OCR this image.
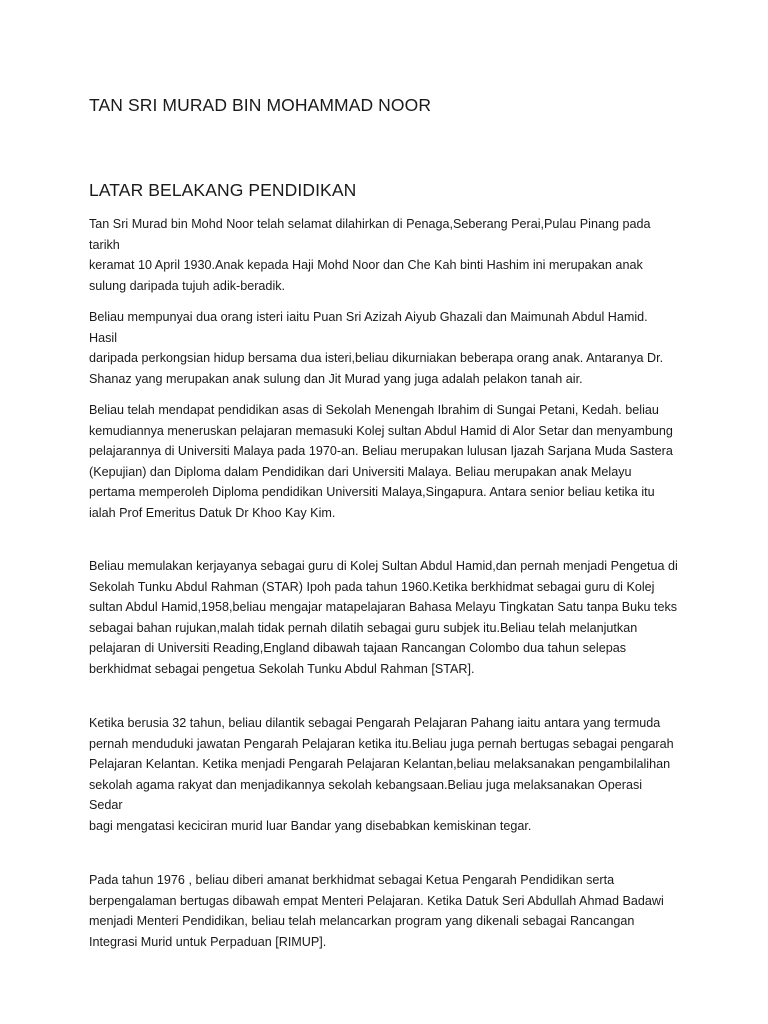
TAN SRI MURAD BIN MOHAMMAD NOOR
LATAR BELAKANG PENDIDIKAN

Tan Sri Murad bin Mohd Noor telah selamat dilahirkan di Penaga,Seberang Perai,Pulau Pinang pada tarikh
keramat 10 April 1930.Anak kepada Haji Mohd Noor dan Che Kah binti Hashim ini merupakan anak
sulung daripada tujuh adik-beradik.

Beliau mempunyai dua orang isteri iaitu Puan Sri Azizah Aiyub Ghazali dan Maimunah Abdul Hamid. Hasil
daripada perkongsian hidup bersama dua isteri,beliau dikurniakan beberapa orang anak. Antaranya Dr.
Shanaz yang merupakan anak sulung dan Jit Murad yang juga adalah pelakon tanah air.

Beliau telah mendapat pendidikan asas di Sekolah Menengah Ibrahim di Sungai Petani, Kedah. beliau
kemudiannya meneruskan pelajaran memasuki Kolej sultan Abdul Hamid di Alor Setar dan menyambung
pelajarannya di Universiti Malaya pada 1970-an. Beliau merupakan lulusan Ijazah Sarjana Muda Sastera
(Kepujian) dan Diploma dalam Pendidikan dari Universiti Malaya. Beliau merupakan anak Melayu
pertama memperoleh Diploma pendidikan Universiti Malaya,Singapura. Antara senior beliau ketika itu
ialah Prof Emeritus Datuk Dr Khoo Kay Kim.

Beliau memulakan kerjayanya sebagai guru di Kolej Sultan Abdul Hamid,dan pernah menjadi Pengetua di
Sekolah Tunku Abdul Rahman (STAR) Ipoh pada tahun 1960.Ketika berkhidmat sebagai guru di Kolej
sultan Abdul Hamid,1958,beliau mengajar matapelajaran Bahasa Melayu Tingkatan Satu tanpa Buku teks
sebagai bahan rujukan,malah tidak pernah dilatih sebagai guru subjek itu.Beliau telah melanjutkan
pelajaran di Universiti Reading,England dibawah tajaan Rancangan Colombo dua tahun selepas
berkhidmat sebagai pengetua Sekolah Tunku Abdul Rahman [STAR].

Ketika berusia 32 tahun, beliau dilantik sebagai Pengarah Pelajaran Pahang iaitu antara yang termuda
pernah menduduki jawatan Pengarah Pelajaran ketika itu.Beliau juga pernah bertugas sebagai pengarah
Pelajaran Kelantan. Ketika menjadi Pengarah Pelajaran Kelantan,beliau melaksanakan pengambilalihan
sekolah agama rakyat dan menjadikannya sekolah kebangsaan.Beliau juga melaksanakan Operasi Sedar
bagi mengatasi keciciran murid luar Bandar yang disebabkan kemiskinan tegar.

Pada tahun 1976 , beliau diberi amanat berkhidmat sebagai Ketua Pengarah Pendidikan serta
berpengalaman bertugas dibawah empat Menteri Pelajaran. Ketika Datuk Seri Abdullah Ahmad Badawi
menjadi Menteri Pendidikan, beliau telah melancarkan program yang dikenali sebagai Rancangan
Integrasi Murid untuk Perpaduan [RIMUP].
